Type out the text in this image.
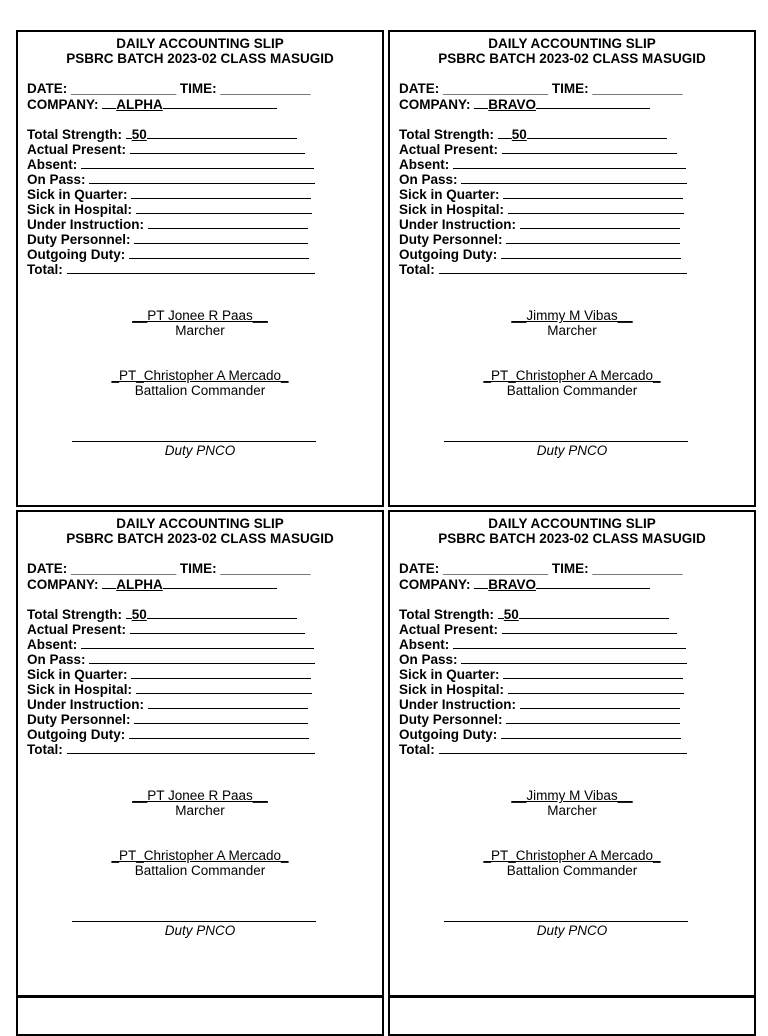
DAILY ACCOUNTING SLIP
PSBRC BATCH 2023-02 CLASS MASUGID
DATE: ______________ TIME: ____________
COMPANY: ALPHA
Total Strength: 50
Actual Present:
Absent:
On Pass:
Sick in Quarter:
Sick in Hospital:
Under Instruction:
Duty Personnel:
Outgoing Duty:
Total:
__PT Jonee R Paas__
Marcher
_PT_Christopher A Mercado_
Battalion Commander
Duty PNCO
DAILY ACCOUNTING SLIP
PSBRC BATCH 2023-02 CLASS MASUGID
DATE: ______________ TIME: ____________
COMPANY: BRAVO
Total Strength: 50
Actual Present:
Absent:
On Pass:
Sick in Quarter:
Sick in Hospital:
Under Instruction:
Duty Personnel:
Outgoing Duty:
Total:
__Jimmy M Vibas__
Marcher
_PT_Christopher A Mercado_
Battalion Commander
Duty PNCO
DAILY ACCOUNTING SLIP
PSBRC BATCH 2023-02 CLASS MASUGID
DATE: ______________ TIME: ____________
COMPANY: ALPHA
Total Strength: 50
Actual Present:
Absent:
On Pass:
Sick in Quarter:
Sick in Hospital:
Under Instruction:
Duty Personnel:
Outgoing Duty:
Total:
__PT Jonee R Paas__
Marcher
_PT_Christopher A Mercado_
Battalion Commander
Duty PNCO
DAILY ACCOUNTING SLIP
PSBRC BATCH 2023-02 CLASS MASUGID
DATE: ______________ TIME: ____________
COMPANY: BRAVO
Total Strength: 50
Actual Present:
Absent:
On Pass:
Sick in Quarter:
Sick in Hospital:
Under Instruction:
Duty Personnel:
Outgoing Duty:
Total:
__Jimmy M Vibas__
Marcher
_PT_Christopher A Mercado_
Battalion Commander
Duty PNCO
